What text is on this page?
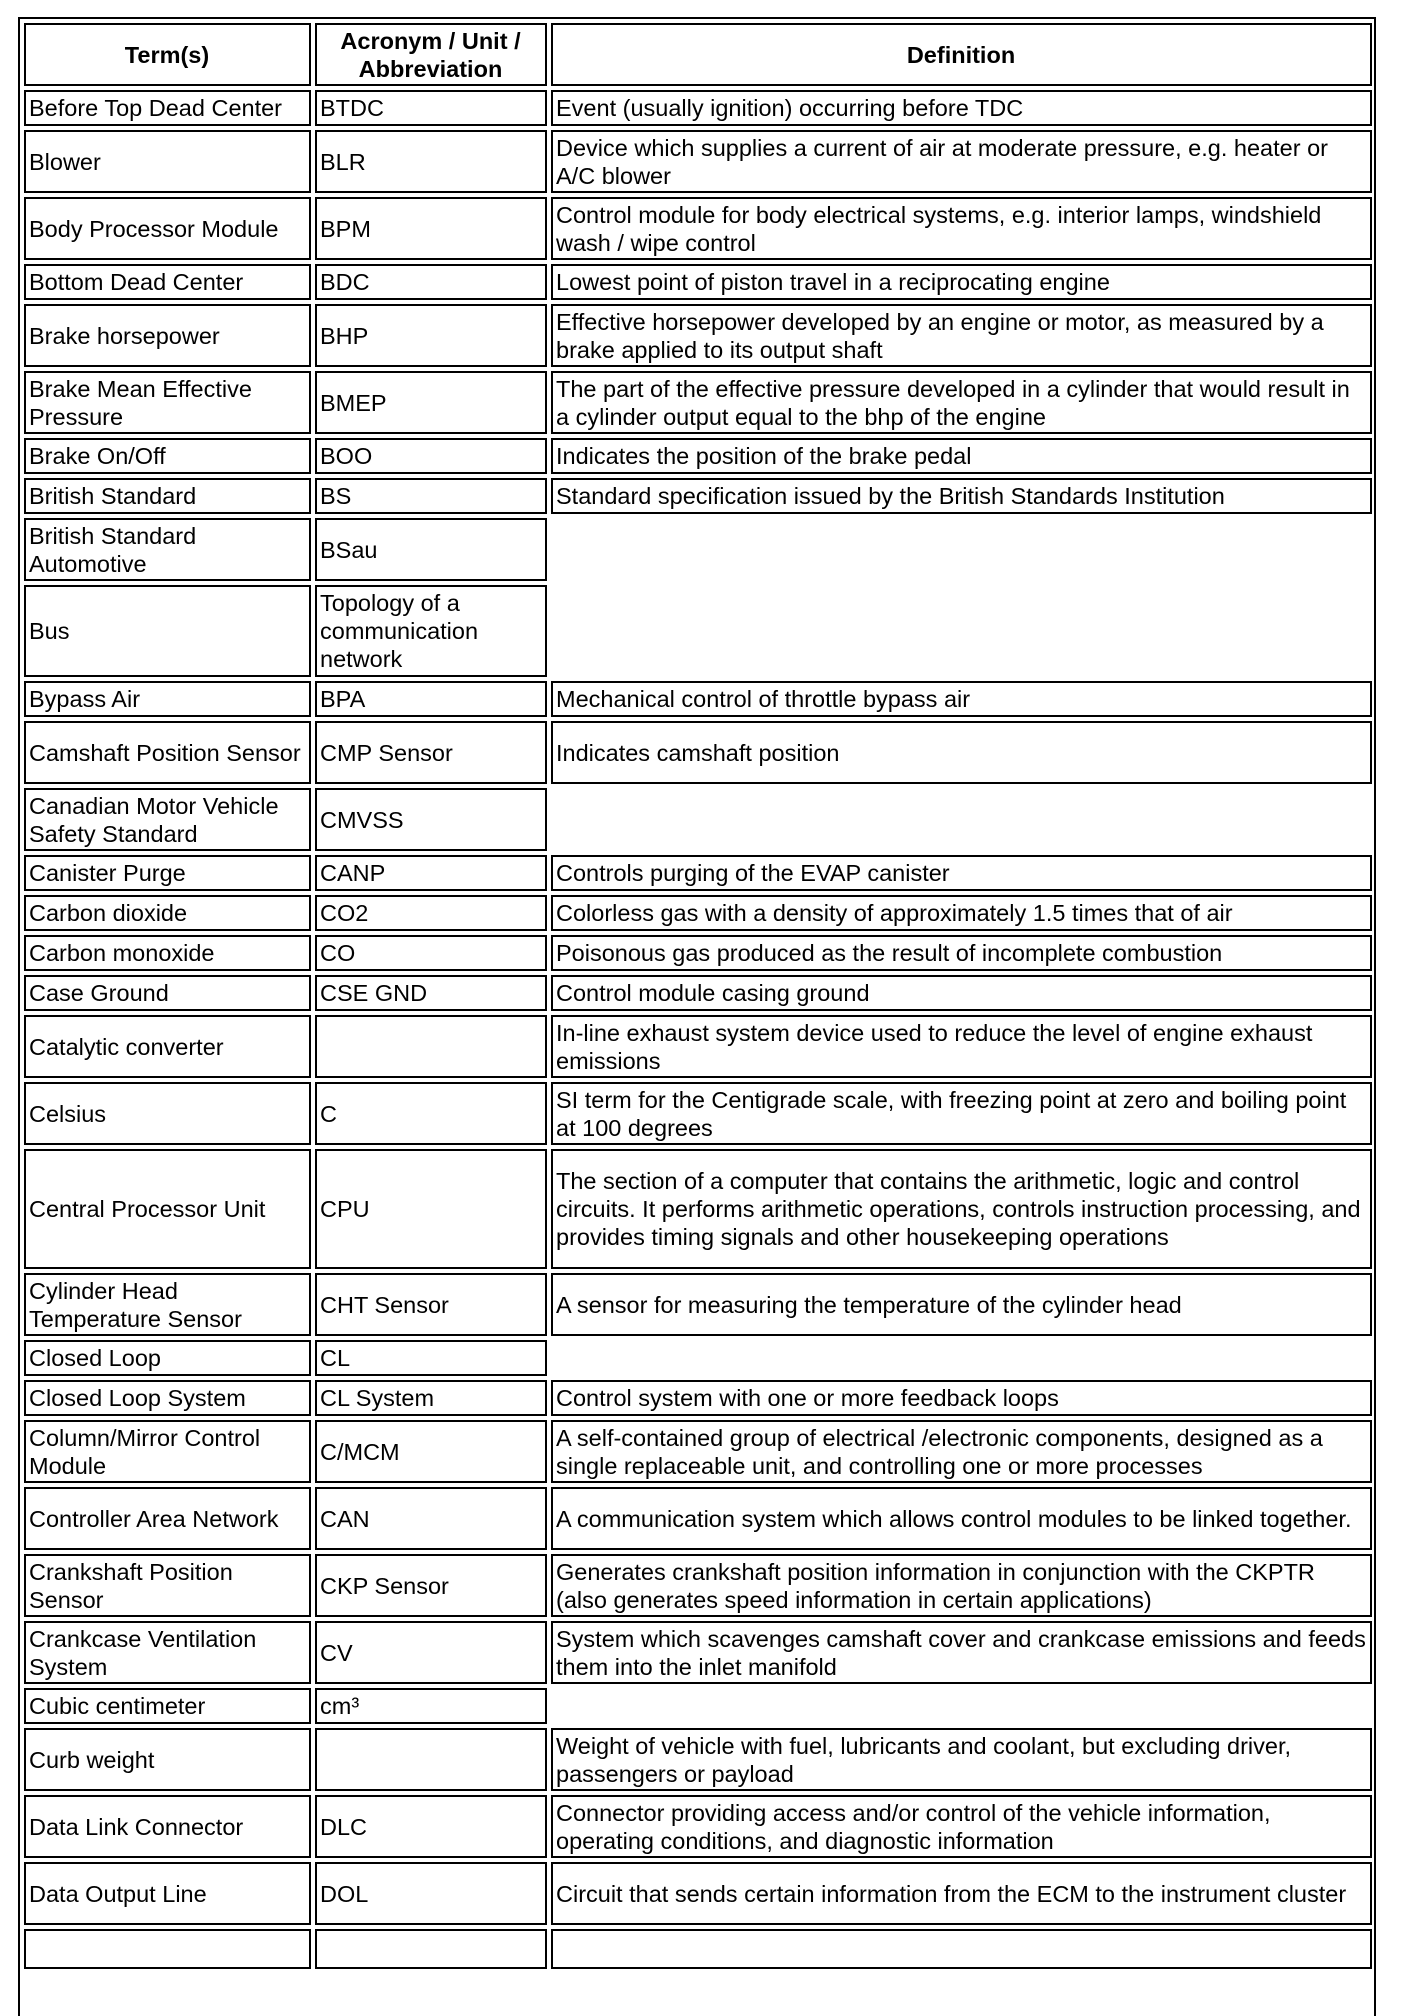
Term(s)	Acronym / Unit / Abbreviation	Definition
Before Top Dead Center	BTDC	Event (usually ignition) occurring before TDC
Blower	BLR	Device which supplies a current of air at moderate pressure, e.g. heater or A/C blower
Body Processor Module	BPM	Control module for body electrical systems, e.g. interior lamps, windshield wash / wipe control
Bottom Dead Center	BDC	Lowest point of piston travel in a reciprocating engine
Brake horsepower	BHP	Effective horsepower developed by an engine or motor, as measured by a brake applied to its output shaft
Brake Mean Effective Pressure	BMEP	The part of the effective pressure developed in a cylinder that would result in a cylinder output equal to the bhp of the engine
Brake On/Off	BOO	Indicates the position of the brake pedal
British Standard	BS	Standard specification issued by the British Standards Institution
British Standard Automotive	BSau	
Bus	Topology of a communication network	
Bypass Air	BPA	Mechanical control of throttle bypass air
Camshaft Position Sensor	CMP Sensor	Indicates camshaft position
Canadian Motor Vehicle Safety Standard	CMVSS	
Canister Purge	CANP	Controls purging of the EVAP canister
Carbon dioxide	CO2	Colorless gas with a density of approximately 1.5 times that of air
Carbon monoxide	CO	Poisonous gas produced as the result of incomplete combustion
Case Ground	CSE GND	Control module casing ground
Catalytic converter		In-line exhaust system device used to reduce the level of engine exhaust emissions
Celsius	C	SI term for the Centigrade scale, with freezing point at zero and boiling point at 100 degrees
Central Processor Unit	CPU	The section of a computer that contains the arithmetic, logic and control circuits. It performs arithmetic operations, controls instruction processing, and provides timing signals and other housekeeping operations
Cylinder Head Temperature Sensor	CHT Sensor	A sensor for measuring the temperature of the cylinder head
Closed Loop	CL	
Closed Loop System	CL System	Control system with one or more feedback loops
Column/Mirror Control Module	C/MCM	A self-contained group of electrical /electronic components, designed as a single replaceable unit, and controlling one or more processes
Controller Area Network	CAN	A communication system which allows control modules to be linked together.
Crankshaft Position Sensor	CKP Sensor	Generates crankshaft position information in conjunction with the CKPTR (also generates speed information in certain applications)
Crankcase Ventilation System	CV	System which scavenges camshaft cover and crankcase emissions and feeds them into the inlet manifold
Cubic centimeter	cm³	
Curb weight		Weight of vehicle with fuel, lubricants and coolant, but excluding driver, passengers or payload
Data Link Connector	DLC	Connector providing access and/or control of the vehicle information, operating conditions, and diagnostic information
Data Output Line	DOL	Circuit that sends certain information from the ECM to the instrument cluster
